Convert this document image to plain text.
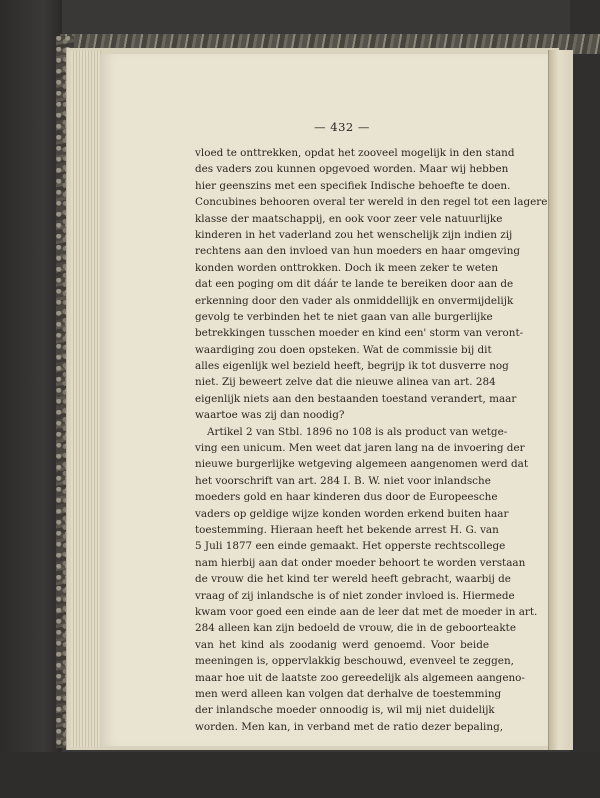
— 432 —
vloed te onttrekken, opdat het zooveel mogelijk in den stand
des vaders zou kunnen opgevoed worden. Maar wij hebben
hier geenszins met een specifiek Indische behoefte te doen.
Concubines behooren overal ter wereld in den regel tot een lagere
klasse der maatschappij, en ook voor zeer vele natuurlijke
kinderen in het vaderland zou het wenschelijk zijn indien zij
rechtens aan den invloed van hun moeders en haar omgeving
konden worden onttrokken. Doch ik meen zeker te weten
dat een poging om dit dáár te lande te bereiken door aan de
erkenning door den vader als onmiddellijk en onvermijdelijk
gevolg te verbinden het te niet gaan van alle burgerlijke
betrekkingen tusschen moeder en kind een' storm van veront-
waardiging zou doen opsteken. Wat de commissie bij dit
alles eigenlijk wel bezield heeft, begrijp ik tot dusverre nog
niet. Zij beweert zelve dat die nieuwe alinea van art. 284
eigenlijk niets aan den bestaanden toestand verandert, maar
waartoe was zij dan noodig?
Artikel 2 van Stbl. 1896 no 108 is als product van wetge-
ving een unicum. Men weet dat jaren lang na de invoering der
nieuwe burgerlijke wetgeving algemeen aangenomen werd dat
het voorschrift van art. 284 I. B. W. niet voor inlandsche
moeders gold en haar kinderen dus door de Europeesche
vaders op geldige wijze konden worden erkend buiten haar
toestemming. Hieraan heeft het bekende arrest H. G. van
5 Juli 1877 een einde gemaakt. Het opperste rechtscollege
nam hierbij aan dat onder moeder behoort te worden verstaan
de vrouw die het kind ter wereld heeft gebracht, waarbij de
vraag of zij inlandsche is of niet zonder invloed is. Hiermede
kwam voor goed een einde aan de leer dat met de moeder in art.
284 alleen kan zijn bedoeld de vrouw, die in de geboorteakte
van het kind als zoodanig werd genoemd. Voor beide
meeningen is, oppervlakkig beschouwd, evenveel te zeggen,
maar hoe uit de laatste zoo gereedelijk als algemeen aangeno-
men werd alleen kan volgen dat derhalve de toestemming
der inlandsche moeder onnoodig is, wil mij niet duidelijk
worden. Men kan, in verband met de ratio dezer bepaling,
